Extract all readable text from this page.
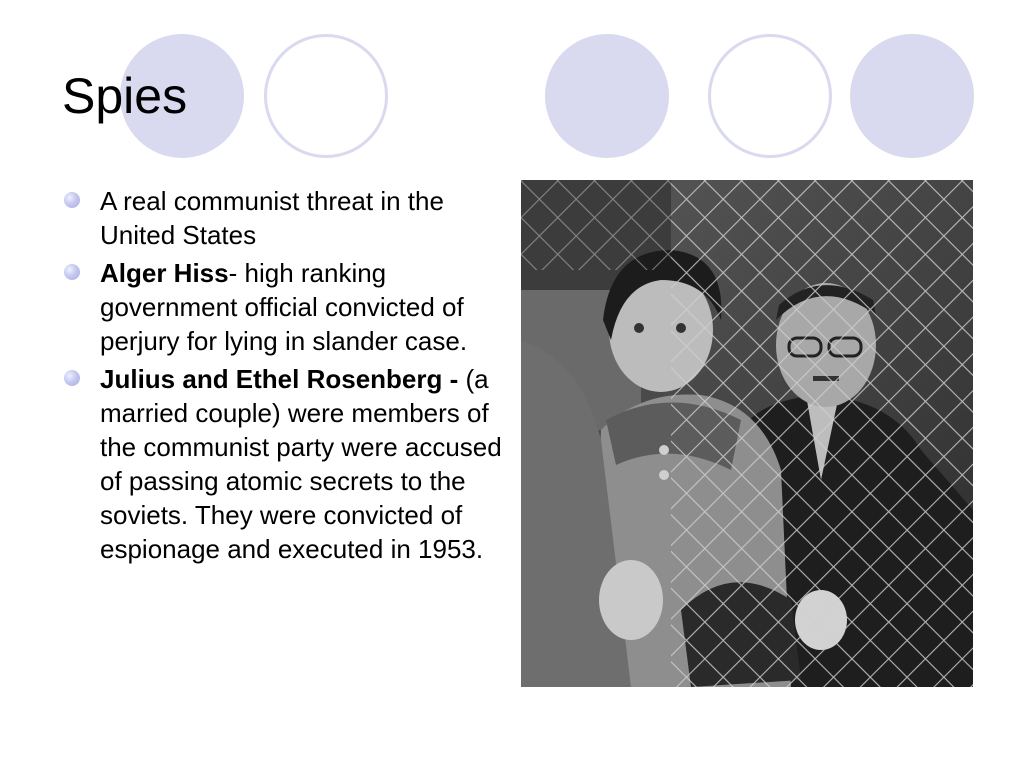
Spies
A real communist threat in the United States
Alger Hiss- high ranking government official convicted of perjury for lying in slander case.
Julius and Ethel Rosenberg - (a married couple) were members of the communist party were accused of passing atomic secrets to the soviets. They were convicted of espionage and executed in 1953.
